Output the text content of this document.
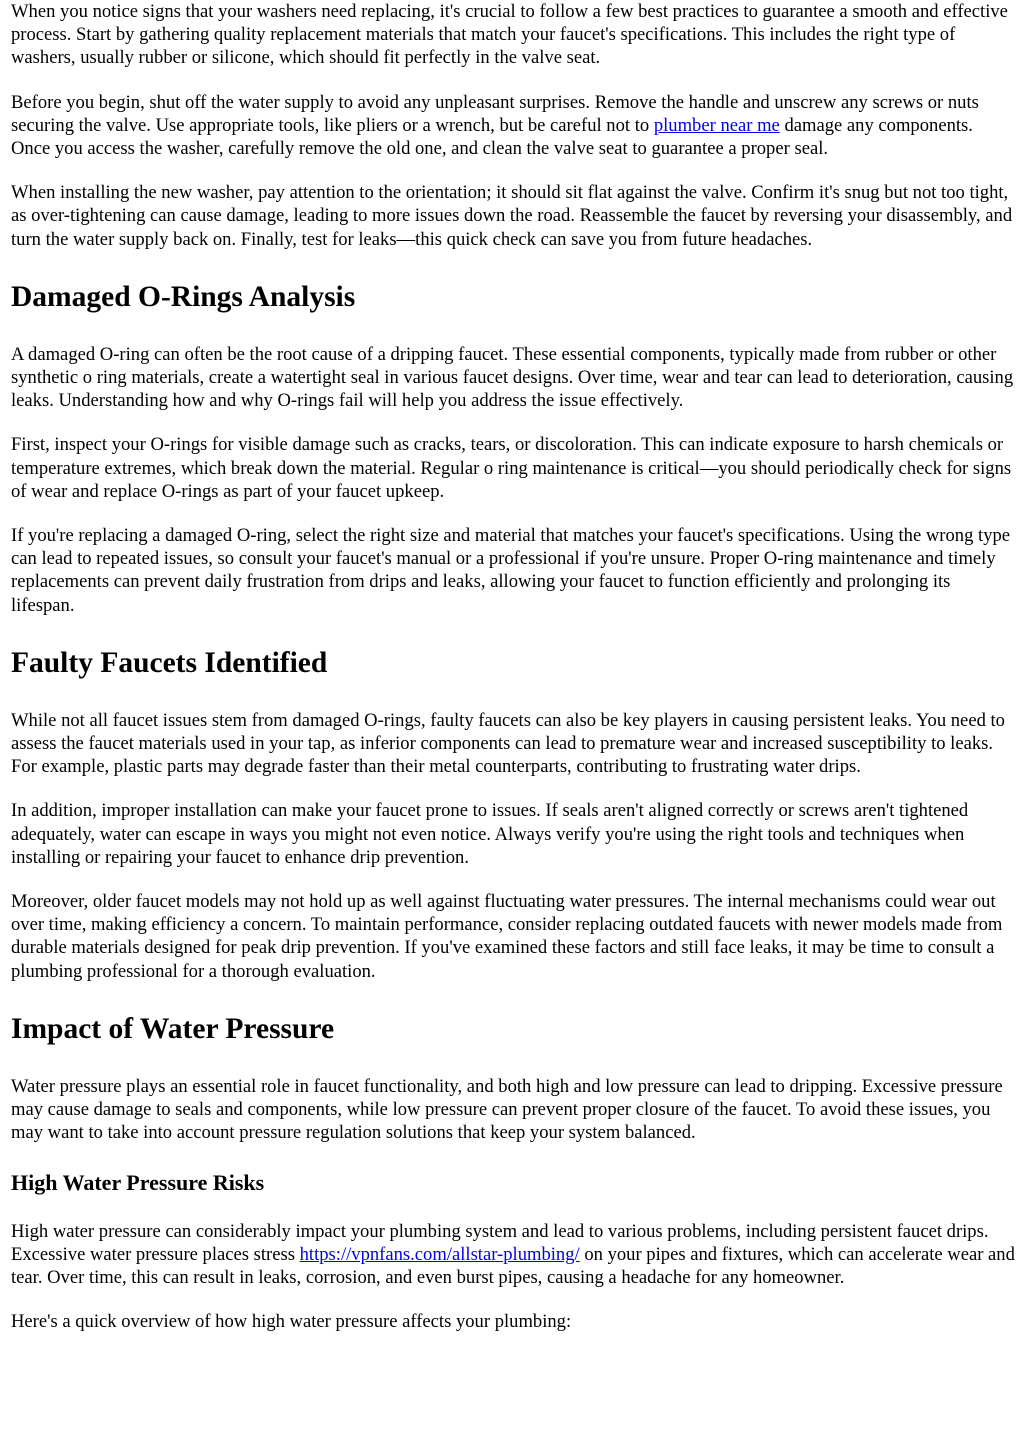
When you notice signs that your washers need replacing, it's crucial to follow a few best practices to guarantee a smooth and effective process. Start by gathering quality replacement materials that match your faucet's specifications. This includes the right type of washers, usually rubber or silicone, which should fit perfectly in the valve seat.

Before you begin, shut off the water supply to avoid any unpleasant surprises. Remove the handle and unscrew any screws or nuts securing the valve. Use appropriate tools, like pliers or a wrench, but be careful not to plumber near me damage any components. Once you access the washer, carefully remove the old one, and clean the valve seat to guarantee a proper seal.

When installing the new washer, pay attention to the orientation; it should sit flat against the valve. Confirm it's snug but not too tight, as over-tightening can cause damage, leading to more issues down the road. Reassemble the faucet by reversing your disassembly, and turn the water supply back on. Finally, test for leaks—this quick check can save you from future headaches.

Damaged O-Rings Analysis

A damaged O-ring can often be the root cause of a dripping faucet. These essential components, typically made from rubber or other synthetic o ring materials, create a watertight seal in various faucet designs. Over time, wear and tear can lead to deterioration, causing leaks. Understanding how and why O-rings fail will help you address the issue effectively.

First, inspect your O-rings for visible damage such as cracks, tears, or discoloration. This can indicate exposure to harsh chemicals or temperature extremes, which break down the material. Regular o ring maintenance is critical—you should periodically check for signs of wear and replace O-rings as part of your faucet upkeep.

If you're replacing a damaged O-ring, select the right size and material that matches your faucet's specifications. Using the wrong type can lead to repeated issues, so consult your faucet's manual or a professional if you're unsure. Proper O-ring maintenance and timely replacements can prevent daily frustration from drips and leaks, allowing your faucet to function efficiently and prolonging its lifespan.

Faulty Faucets Identified

While not all faucet issues stem from damaged O-rings, faulty faucets can also be key players in causing persistent leaks. You need to assess the faucet materials used in your tap, as inferior components can lead to premature wear and increased susceptibility to leaks. For example, plastic parts may degrade faster than their metal counterparts, contributing to frustrating water drips.

In addition, improper installation can make your faucet prone to issues. If seals aren't aligned correctly or screws aren't tightened adequately, water can escape in ways you might not even notice. Always verify you're using the right tools and techniques when installing or repairing your faucet to enhance drip prevention.

Moreover, older faucet models may not hold up as well against fluctuating water pressures. The internal mechanisms could wear out over time, making efficiency a concern. To maintain performance, consider replacing outdated faucets with newer models made from durable materials designed for peak drip prevention. If you've examined these factors and still face leaks, it may be time to consult a plumbing professional for a thorough evaluation.

Impact of Water Pressure

Water pressure plays an essential role in faucet functionality, and both high and low pressure can lead to dripping. Excessive pressure may cause damage to seals and components, while low pressure can prevent proper closure of the faucet. To avoid these issues, you may want to take into account pressure regulation solutions that keep your system balanced.

High Water Pressure Risks

High water pressure can considerably impact your plumbing system and lead to various problems, including persistent faucet drips. Excessive water pressure places stress https://vpnfans.com/allstar-plumbing/ on your pipes and fixtures, which can accelerate wear and tear. Over time, this can result in leaks, corrosion, and even burst pipes, causing a headache for any homeowner.

Here's a quick overview of how high water pressure affects your plumbing:
